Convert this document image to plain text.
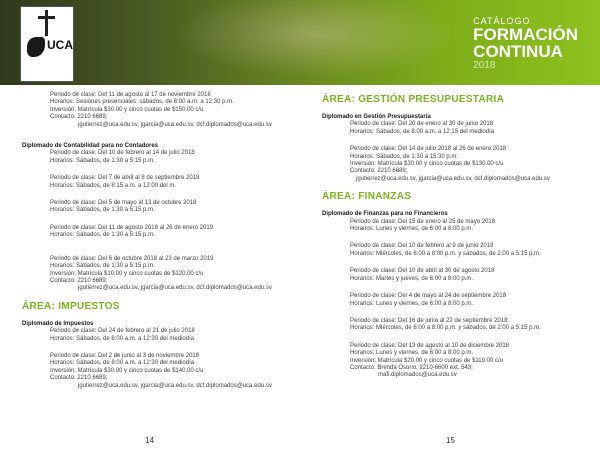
UCA
CATÁLOGO
FORMACIÓN
CONTINUA
2018
Periodo de clase: Del 11 de agosto al 17 de noviembre 2018
Horarios: Sesiones presenciales: sábados, de 8:00 a.m. a 12:30 p.m.
Inversión: Matrícula $30.00 y cinco cuotas de $150.00 c/u
Contacto: 2210 6689;
jgutierrez@uca.edu.sv, jgarcia@uca.edu.sv, dcf.diplomados@uca.edu.sv
Diplomado de Contabilidad para no Contadores
Periodo de clase: Del 10 de febrero al 14 de julio 2018
Horarios: Sábados, de 1:30 a 5:15 p.m.
Periodo de clase: Del 7 de abril al 8 de septiembre 2018
Horarios: Sábados, de 8:15 a.m. a 12:00 del m.
Periodo de clase: Del 5 de mayo al 13 de octubre 2018
Horarios: Sábados, de 1:30 a 5:15 p.m.
Periodo de clase: Del 11 de agosto 2018 al 26 de enero 2019
Horarios: Sábados, de 1:30 a 5:15 p.m.
Periodo de clase: Del 6 de octubre 2018 al 23 de marzo 2019
Horarios: Sábados, de 1:30 a 5:15 p.m.
Inversión: Matrícula $10.00 y cinco cuotas de $120.00 c/u
Contacto: 2210 6689;
jgutierrez@uca.edu.sv, jgarcia@uca.edu.sv, dcf.diplomados@uca.edu.sv
ÁREA: IMPUESTOS
Diplomado de Impuestos
Periodo de clase: Del 24 de febrero al 21 de julio 2018
Horarios: Sábados, de 8:00 a.m. a 12:30 del mediodía
Periodo de clase: Del 2 de junio al 3 de noviembre 2018
Horarios: Sábados, de 8:00 a.m. a 12:30 del mediodía
Inversión: Matrícula $30.00 y cinco cuotas de $140.00 c/u
Contacto: 2210 6689;
jgutierrez@uca.edu.sv, jgarcia@uca.edu.sv, dcf.diplomados@uca.edu.sv
ÁREA: GESTIÓN PRESUPUESTARIA
Diplomado en Gestión Presupuestaria
Periodo de clase: Del 20 de enero al 30 de junio 2018
Horarios: Sábados, de 8:00 a.m. a 12:15 del mediodía
Periodo de clase: Del 14 de julio 2018 al 26 de enero 2018
Horarios: Sábados, de 1:30 a 15:30 p.m.
Inversión: Matrícula $30.00 y cinco cuotas de $130.00 c/u
Contacto: 2210 6689;
jgutierrez@uca.edu.sv, jgarcia@uca.edu.sv, dcf.diplomados@uca.edu.sv
ÁREA: FINANZAS
Diplomado de Finanzas para no Financieros
Periodo de clase: Del 15 de enero al 25 de mayo 2018
Horarios: Lunes y viernes, de 6:00 a 8:00 p.m.
Periodo de clase: Del 10 de febrero al 9 de junio 2018
Horarios: Miércoles, de 6:00 a 8:00 p.m. y sábados, de 2:00 a 5:15 p.m.
Periodo de clase: Del 10 de abril al 30 de agosto 2018
Horarios: Martes y jueves, de 6:00 a 8:00 p.m.
Periodo de clase: Del 4 de mayo al 24 de septiembre 2018
Horarios: Lunes y viernes, de 6:00 a 8:00 p.m.
Periodo de clase: Del 16 de junio al 22 de septiembre 2018
Horarios: Miércoles, de 6:00 a 8:00 p.m. y sábados, de 2:00 a 5:15 p.m.
Periodo de clase: Del 13 de agosto al 10 de diciembre 2018
Horarios: Lunes y viernes, de 6:00 a 8:00 p.m.
Inversión: Matrícula $20.00 y cinco cuotas de $110.00 c/u
Contacto: Brenda Osorio, 2210-6600 ext. 543;
mafi.diplomados@uca.edu.sv
14	15
